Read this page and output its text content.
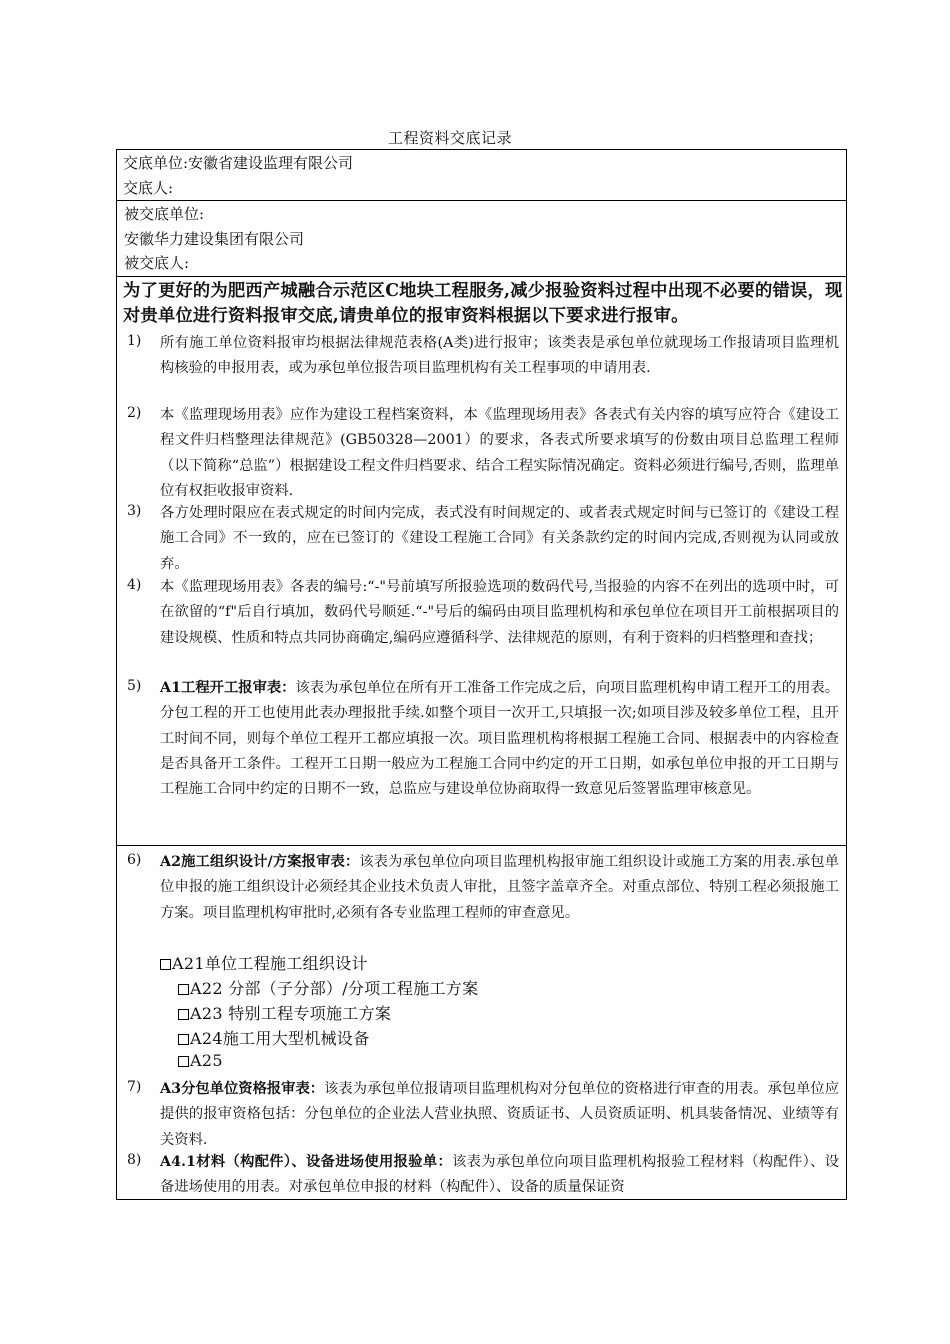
工程资料交底记录
交底单位:安徽省建设监理有限公司
交底人:
被交底单位:
安徽华力建设集团有限公司
被交底人:
为了更好的为肥西产城融合示范区C地块工程服务,减少报验资料过程中出现不必要的错误，现对贵单位进行资料报审交底,请贵单位的报审资料根据以下要求进行报审。
1) 所有施工单位资料报审均根据法律规范表格(A类)进行报审；该类表是承包单位就现场工作报请项目监理机构核验的申报用表，或为承包单位报告项目监理机构有关工程事项的申请用表.
2) 本《监理现场用表》应作为建设工程档案资料，本《监理现场用表》各表式有关内容的填写应符合《建设工程文件归档整理法律规范》(GB50328—2001）的要求，各表式所要求填写的份数由项目总监理工程师（以下简称“总监”）根据建设工程文件归档要求、结合工程实际情况确定。资料必须进行编号,否则，监理单位有权拒收报审资料.
3) 各方处理时限应在表式规定的时间内完成，表式没有时间规定的、或者表式规定时间与已签订的《建设工程施工合同》不一致的，应在已签订的《建设工程施工合同》有关条款约定的时间内完成,否则视为认同或放弃。
4) 本《监理现场用表》各表的编号:“-"号前填写所报验选项的数码代号,当报验的内容不在列出的选项中时，可在欲留的“f"后自行填加，数码代号顺延.“-"号后的编码由项目监理机构和承包单位在项目开工前根据项目的建设规模、性质和特点共同协商确定,编码应遵循科学、法律规范的原则，有利于资料的归档整理和查找；
5) A1工程开工报审表：该表为承包单位在所有开工准备工作完成之后，向项目监理机构申请工程开工的用表。分包工程的开工也使用此表办理报批手续.如整个项目一次开工,只填报一次;如项目涉及较多单位工程，且开工时间不同，则每个单位工程开工都应填报一次。项目监理机构将根据工程施工合同、根据表中的内容检查是否具备开工条件。工程开工日期一般应为工程施工合同中约定的开工日期，如承包单位申报的开工日期与工程施工合同中约定的日期不一致，总监应与建设单位协商取得一致意见后签署监理审核意见。
6) A2施工组织设计/方案报审表：该表为承包单位向项目监理机构报审施工组织设计或施工方案的用表.承包单位申报的施工组织设计必须经其企业技术负责人审批，且签字盖章齐全。对重点部位、特别工程必须报施工方案。项目监理机构审批时,必须有各专业监理工程师的审查意见。
A21单位工程施工组织设计
A22 分部（子分部）/分项工程施工方案
A23 特别工程专项施工方案
A24施工用大型机械设备
A25
7) A3分包单位资格报审表：该表为承包单位报请项目监理机构对分包单位的资格进行审查的用表。承包单位应提供的报审资格包括：分包单位的企业法人营业执照、资质证书、人员资质证明、机具装备情况、业绩等有关资料.
8) A4.1材料（构配件）、设备进场使用报验单：该表为承包单位向项目监理机构报验工程材料（构配件）、设备进场使用的用表。对承包单位申报的材料（构配件）、设备的质量保证资
